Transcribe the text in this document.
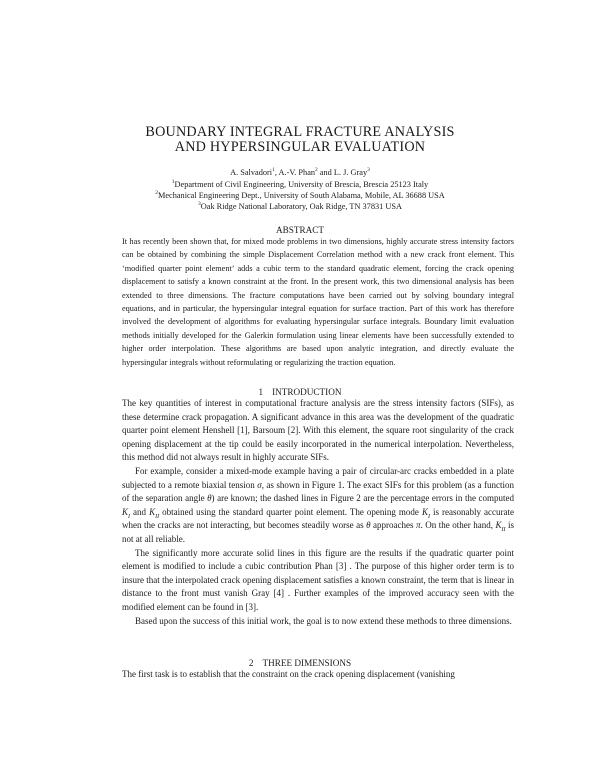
BOUNDARY INTEGRAL FRACTURE ANALYSIS
AND HYPERSINGULAR EVALUATION
A. Salvadori$^1$, A.-V. Phan$^2$ and L. J. Gray$^3$
$^1$Department of Civil Engineering, University of Brescia, Brescia 25123 Italy
$^2$Mechanical Engineering Dept., University of South Alabama, Mobile, AL 36688 USA
$^3$Oak Ridge National Laboratory, Oak Ridge, TN 37831 USA
ABSTRACT

It has recently been shown that, for mixed mode problems in two dimensions, highly accurate stress intensity factors can be obtained by combining the simple Displacement Correlation method with a new crack front element. This ‘modified quarter point element’ adds a cubic term to the standard quadratic element, forcing the crack opening displacement to satisfy a known constraint at the front. In the present work, this two dimensional analysis has been extended to three dimensions. The fracture computations have been carried out by solving boundary integral equations, and in particular, the hypersingular integral equation for surface traction. Part of this work has therefore involved the development of algorithms for evaluating hypersingular surface integrals. Boundary limit evaluation methods initially developed for the Galerkin formulation using linear elements have been successfully extended to higher order interpolation. These algorithms are based upon analytic integration, and directly evaluate the hypersingular integrals without reformulating or regularizing the traction equation.

1 INTRODUCTION

The key quantities of interest in computational fracture analysis are the stress intensity factors (SIFs), as these determine crack propagation. A significant advance in this area was the development of the quadratic quarter point element Henshell [1], Barsoum [2]. With this element, the square root singularity of the crack opening displacement at the tip could be easily incorporated in the numerical interpolation. Nevertheless, this method did not always result in highly accurate SIFs.

For example, consider a mixed-mode example having a pair of circular-arc cracks embedded in a plate subjected to a remote biaxial tension σ, as shown in Figure 1. The exact SIFs for this problem (as a function of the separation angle θ) are known; the dashed lines in Figure 2 are the percentage errors in the computed $K_I$ and $K_{II}$ obtained using the standard quarter point element. The opening mode $K_I$ is reasonably accurate when the cracks are not interacting, but becomes steadily worse as θ approaches π. On the other hand, $K_{II}$ is not at all reliable.

The significantly more accurate solid lines in this figure are the results if the quadratic quarter point element is modified to include a cubic contribution Phan [3] . The purpose of this higher order term is to insure that the interpolated crack opening displacement satisfies a known constraint, the term that is linear in distance to the front must vanish Gray [4] . Further examples of the improved accuracy seen with the modified element can be found in [3].

Based upon the success of this initial work, the goal is to now extend these methods to three dimensions.

2 THREE DIMENSIONS

The first task is to establish that the constraint on the crack opening displacement (vanishing
